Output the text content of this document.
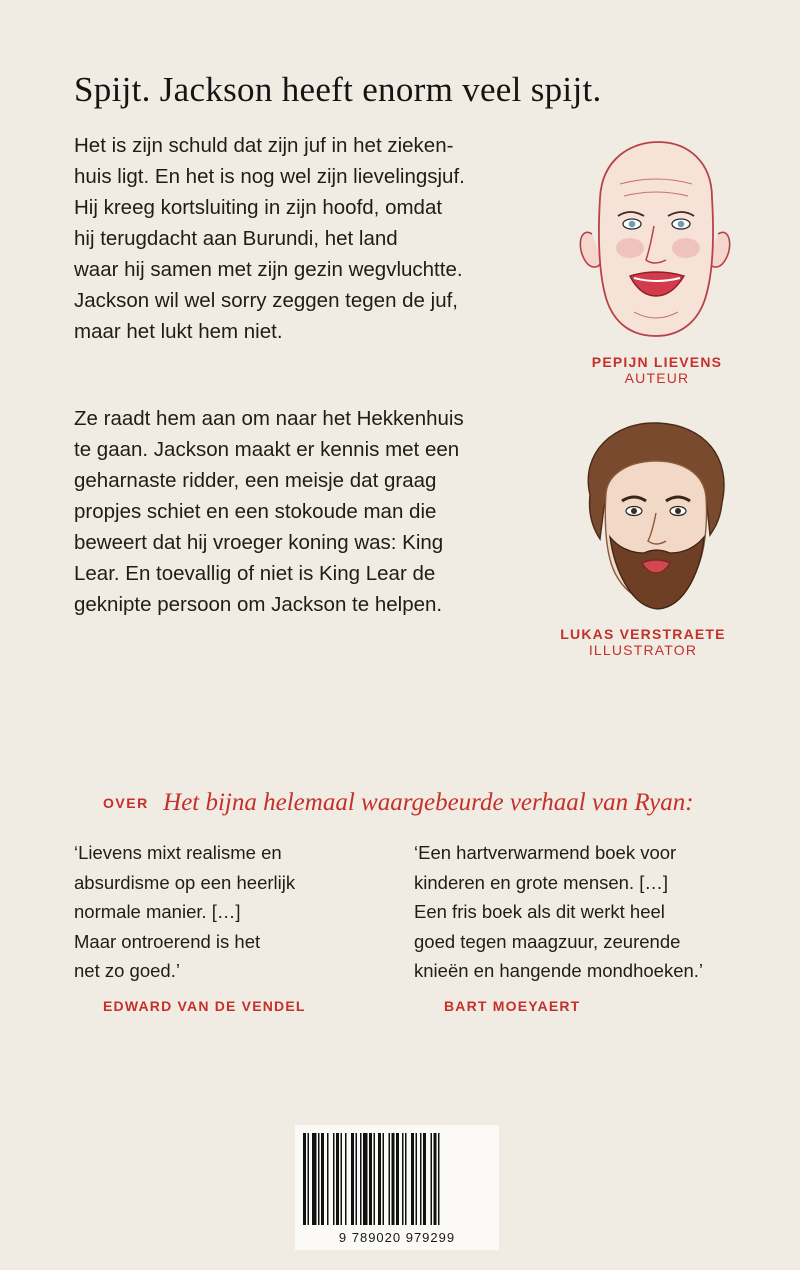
Spijt. Jackson heeft enorm veel spijt.

Het is zijn schuld dat zijn juf in het zieken-
huis ligt. En het is nog wel zijn lievelingsjuf.
Hij kreeg kortsluiting in zijn hoofd, omdat
hij terugdacht aan Burundi, het land
waar hij samen met zijn gezin wegvluchtte.
Jackson wil wel sorry zeggen tegen de juf,
maar het lukt hem niet.

Ze raadt hem aan om naar het Hekkenhuis
te gaan. Jackson maakt er kennis met een
geharnaste ridder, een meisje dat graag
propjes schiet en een stokoude man die
beweert dat hij vroeger koning was: King
Lear. En toevallig of niet is King Lear de
geknipte persoon om Jackson te helpen.

PEPIJN LIEVENS
AUTEUR
LUKAS VERSTRAETE
ILLUSTRATOR
OVER Het bijna helemaal waargebeurde verhaal van Ryan:

‘Lievens mixt realisme en
absurdisme op een heerlijk
normale manier. […]
Maar ontroerend is het
net zo goed.’

EDWARD VAN DE VENDEL

‘Een hartverwarmend boek voor
kinderen en grote mensen. […]
Een fris boek als dit werkt heel
goed tegen maagzuur, zeurende
knieën en hangende mondhoeken.’

BART MOEYAERT
9 789020 979299
